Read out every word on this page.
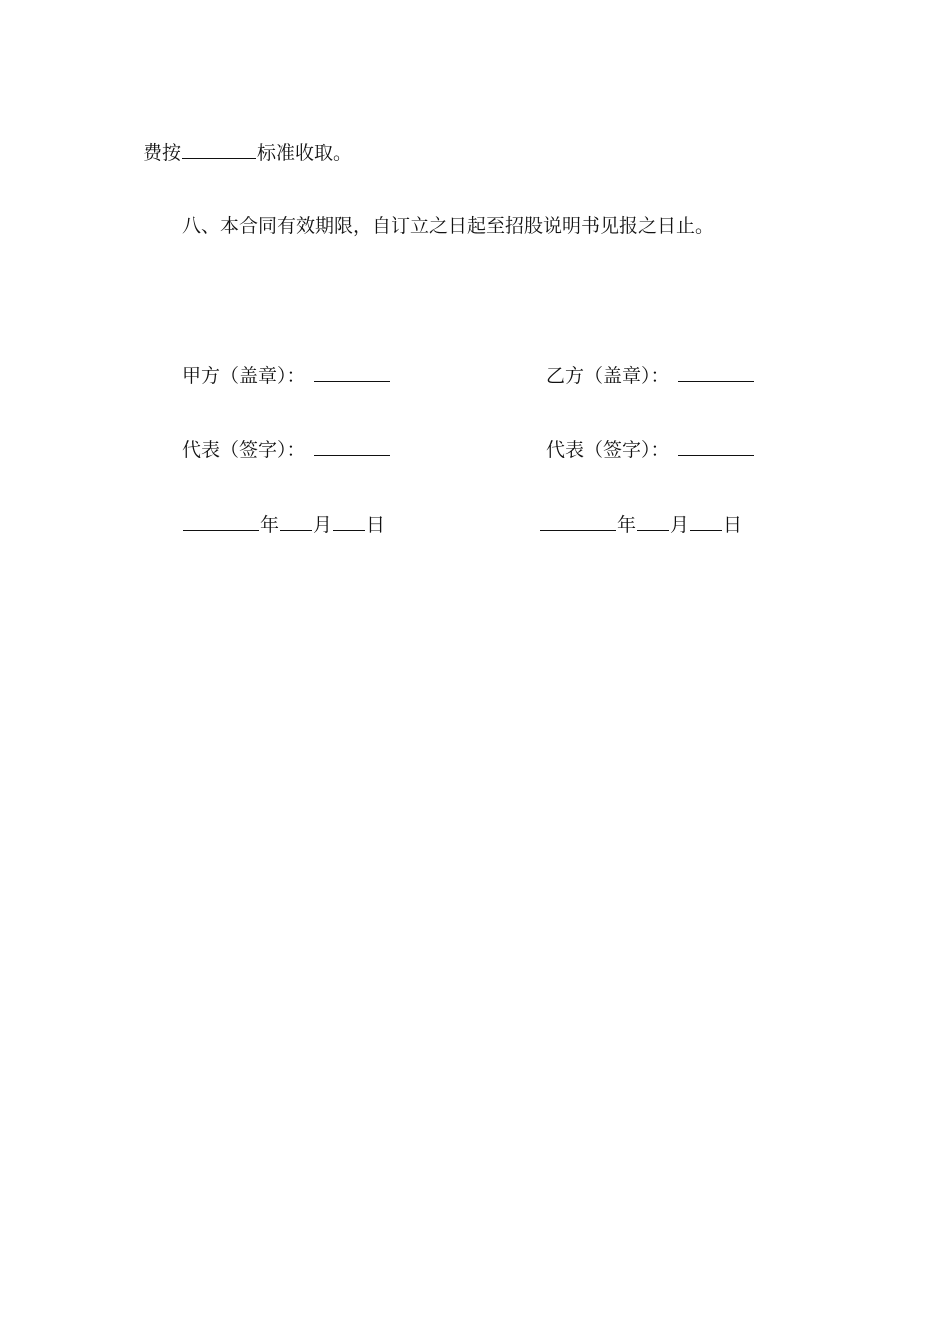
费按	标准收取。
八、本合同有效期限，自订立之日起至招股说明书见报之日止。
甲方（盖章）：	乙方（盖章）：
代表（签字）：	代表（签字）：
年 月 日	年 月 日
